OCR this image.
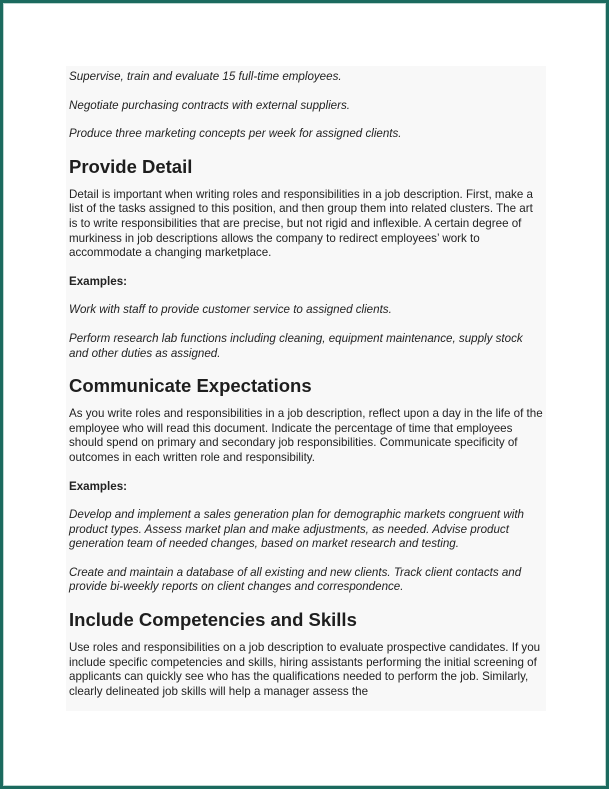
Supervise, train and evaluate 15 full-time employees.

Negotiate purchasing contracts with external suppliers.

Produce three marketing concepts per week for assigned clients.

Provide Detail

Detail is important when writing roles and responsibilities in a job description. First, make a list of the tasks assigned to this position, and then group them into related clusters. The art is to write responsibilities that are precise, but not rigid and inflexible. A certain degree of murkiness in job descriptions allows the company to redirect employees’ work to accommodate a changing marketplace.

Examples:

Work with staff to provide customer service to assigned clients.

Perform research lab functions including cleaning, equipment maintenance, supply stock and other duties as assigned.

Communicate Expectations

As you write roles and responsibilities in a job description, reflect upon a day in the life of the employee who will read this document. Indicate the percentage of time that employees should spend on primary and secondary job responsibilities. Communicate specificity of outcomes in each written role and responsibility.

Examples:

Develop and implement a sales generation plan for demographic markets congruent with product types. Assess market plan and make adjustments, as needed. Advise product generation team of needed changes, based on market research and testing.

Create and maintain a database of all existing and new clients. Track client contacts and provide bi-weekly reports on client changes and correspondence.

Include Competencies and Skills

Use roles and responsibilities on a job description to evaluate prospective candidates. If you include specific competencies and skills, hiring assistants performing the initial screening of applicants can quickly see who has the qualifications needed to perform the job. Similarly, clearly delineated job skills will help a manager assess the
